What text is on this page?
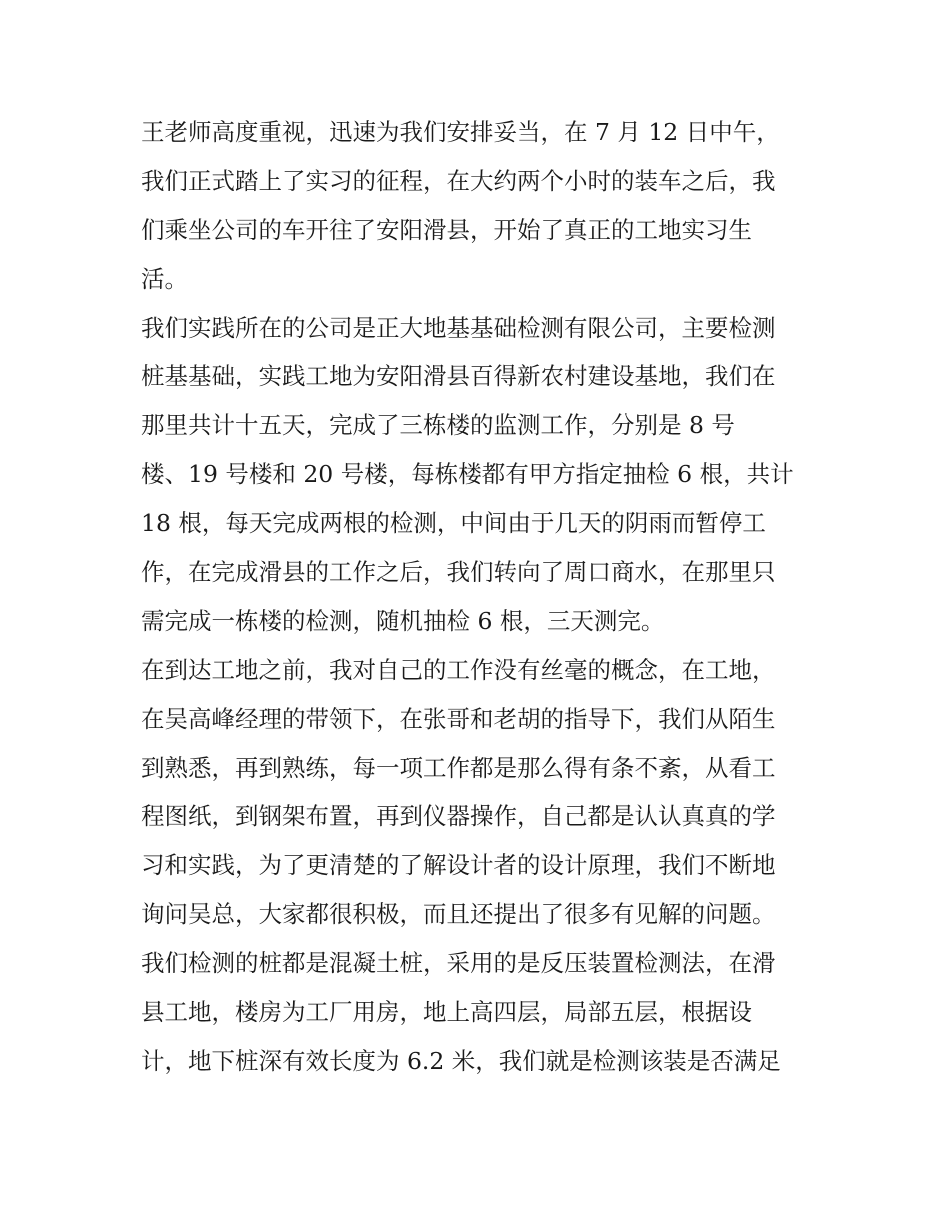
王老师高度重视，迅速为我们安排妥当，在 7 月 12 日中午，
我们正式踏上了实习的征程，在大约两个小时的装车之后，我
们乘坐公司的车开往了安阳滑县，开始了真正的工地实习生
活。
我们实践所在的公司是正大地基基础检测有限公司，主要检测
桩基基础，实践工地为安阳滑县百得新农村建设基地，我们在
那里共计十五天，完成了三栋楼的监测工作，分别是 8 号
楼、19 号楼和 20 号楼，每栋楼都有甲方指定抽检 6 根，共计
18 根，每天完成两根的检测，中间由于几天的阴雨而暂停工
作，在完成滑县的工作之后，我们转向了周口商水，在那里只
需完成一栋楼的检测，随机抽检 6 根，三天测完。
在到达工地之前，我对自己的工作没有丝毫的概念，在工地，
在吴高峰经理的带领下，在张哥和老胡的指导下，我们从陌生
到熟悉，再到熟练，每一项工作都是那么得有条不紊，从看工
程图纸，到钢架布置，再到仪器操作，自己都是认认真真的学
习和实践，为了更清楚的了解设计者的设计原理，我们不断地
询问吴总，大家都很积极，而且还提出了很多有见解的问题。
我们检测的桩都是混凝土桩，采用的是反压装置检测法，在滑
县工地，楼房为工厂用房，地上高四层，局部五层，根据设
计，地下桩深有效长度为 6.2 米，我们就是检测该装是否满足
